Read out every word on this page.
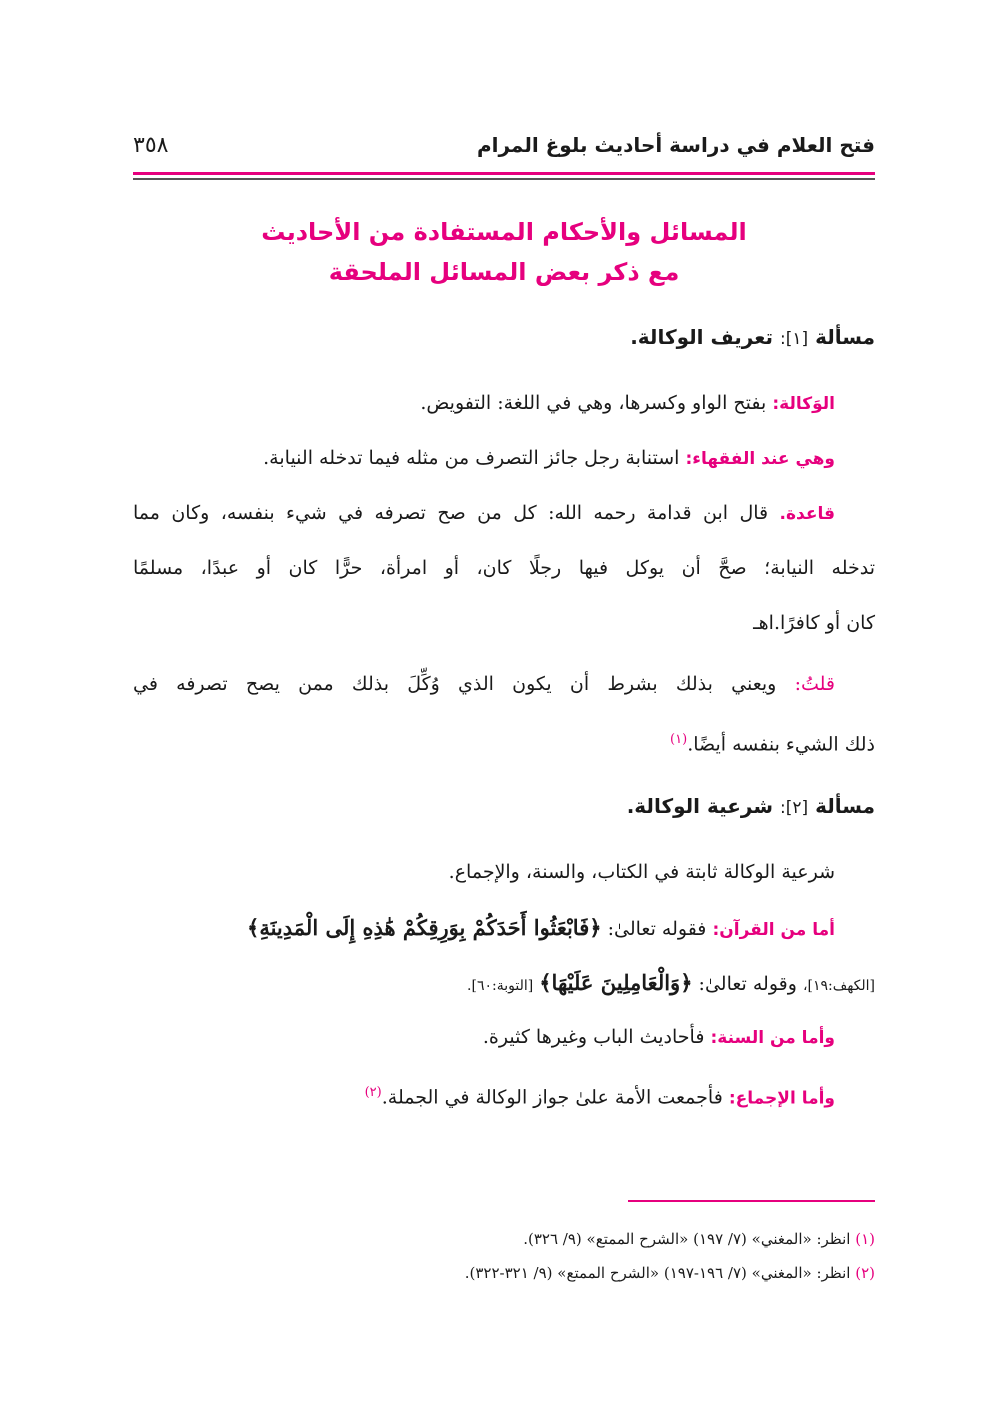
٣٥٨	فتح العلام في دراسة أحاديث بلوغ المرام
المسائل والأحكام المستفادة من الأحاديث
مع ذكر بعض المسائل الملحقة
مسألة [١]: تعريف الوكالة.
الوَكالة: بفتح الواو وكسرها، وهي في اللغة: التفويض.
وهي عند الفقهاء: استنابة رجل جائز التصرف من مثله فيما تدخله النيابة.
قاعدة. قال ابن قدامة رحمه الله: كل من صح تصرفه في شيء بنفسه، وكان مما
تدخله النيابة؛ صحَّ أن يوكل فيها رجلًا كان، أو امرأة، حرًّا كان أو عبدًا، مسلمًا
كان أو كافرًا.اهـ
قلتُ: ويعني بذلك بشرط أن يكون الذي وُكِّلَ بذلك ممن يصح تصرفه في
ذلك الشيء بنفسه أيضًا.$^{(١)}$
مسألة [٢]: شرعية الوكالة.
شرعية الوكالة ثابتة في الكتاب، والسنة، والإجماع.
أما من القرآن: فقوله تعالىٰ: ﴿فَابْعَثُوا أَحَدَكُمْ بِوَرِقِكُمْ هَٰذِهِ إِلَى الْمَدِينَةِ﴾
[الكهف:١٩]، وقوله تعالىٰ: ﴿وَالْعَامِلِينَ عَلَيْهَا﴾ [التوبة:٦٠].
وأما من السنة: فأحاديث الباب وغيرها كثيرة.
وأما الإجماع: فأجمعت الأمة علىٰ جواز الوكالة في الجملة.$^{(٢)}$
(١) انظر: «المغني» (٧/ ١٩٧) «الشرح الممتع» (٩/ ٣٢٦).
(٢) انظر: «المغني» (٧/ ١٩٦-١٩٧) «الشرح الممتع» (٩/ ٣٢١-٣٢٢).
